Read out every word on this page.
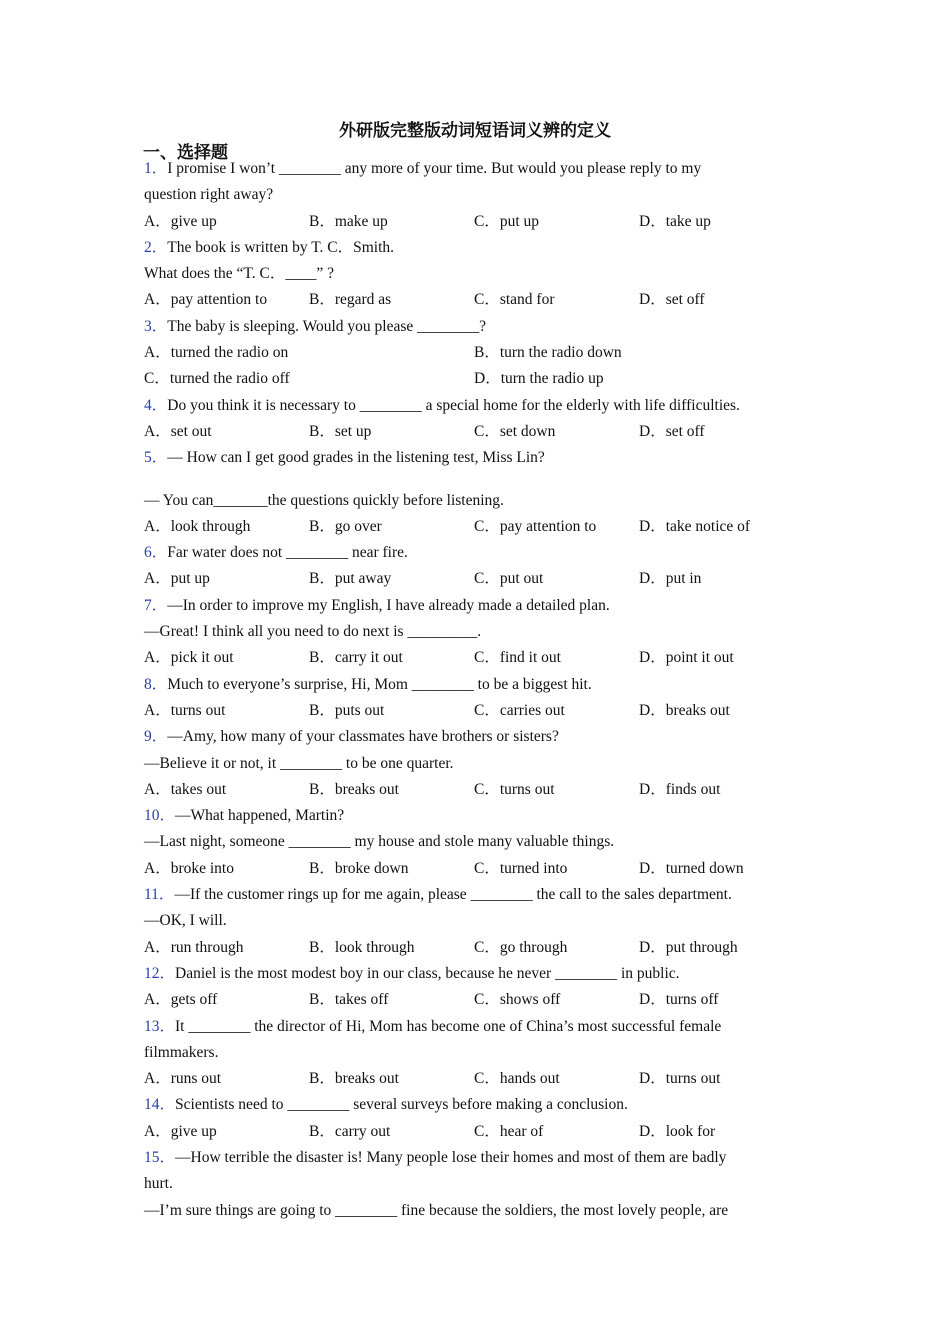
外研版完整版动词短语词义辨的定义
一、选择题
1．I promise I won’t ________ any more of your time. But would you please reply to my
question right away?
A．give up	B．make up	C．put up	D．take up
2．The book is written by T. C．Smith.
What does the “T. C．____” ?
A．pay attention to	B．regard as	C．stand for	D．set off
3．The baby is sleeping. Would you please ________?
A．turned the radio on	B．turn the radio down
C．turned the radio off	D．turn the radio up
4．Do you think it is necessary to ________ a special home for the elderly with life difficulties.
A．set out	B．set up	C．set down	D．set off
5．— How can I get good grades in the listening test, Miss Lin?
— You can_______the questions quickly before listening.
A．look through	B．go over	C．pay attention to	D．take notice of
6．Far water does not ________ near fire.
A．put up	B．put away	C．put out	D．put in
7．—In order to improve my English, I have already made a detailed plan.
—Great! I think all you need to do next is _________.
A．pick it out	B．carry it out	C．find it out	D．point it out
8．Much to everyone’s surprise, Hi, Mom ________ to be a biggest hit.
A．turns out	B．puts out	C．carries out	D．breaks out
9．—Amy, how many of your classmates have brothers or sisters?
—Believe it or not, it ________ to be one quarter.
A．takes out	B．breaks out	C．turns out	D．finds out
10．—What happened, Martin?
—Last night, someone ________ my house and stole many valuable things.
A．broke into	B．broke down	C．turned into	D．turned down
11．—If the customer rings up for me again, please ________ the call to the sales department.
—OK, I will.
A．run through	B．look through	C．go through	D．put through
12．Daniel is the most modest boy in our class, because he never ________ in public.
A．gets off	B．takes off	C．shows off	D．turns off
13．It ________ the director of Hi, Mom has become one of China’s most successful female
filmmakers.
A．runs out	B．breaks out	C．hands out	D．turns out
14．Scientists need to ________ several surveys before making a conclusion.
A．give up	B．carry out	C．hear of	D．look for
15．—How terrible the disaster is! Many people lose their homes and most of them are badly
hurt.
—I’m sure things are going to ________ fine because the soldiers, the most lovely people, are
